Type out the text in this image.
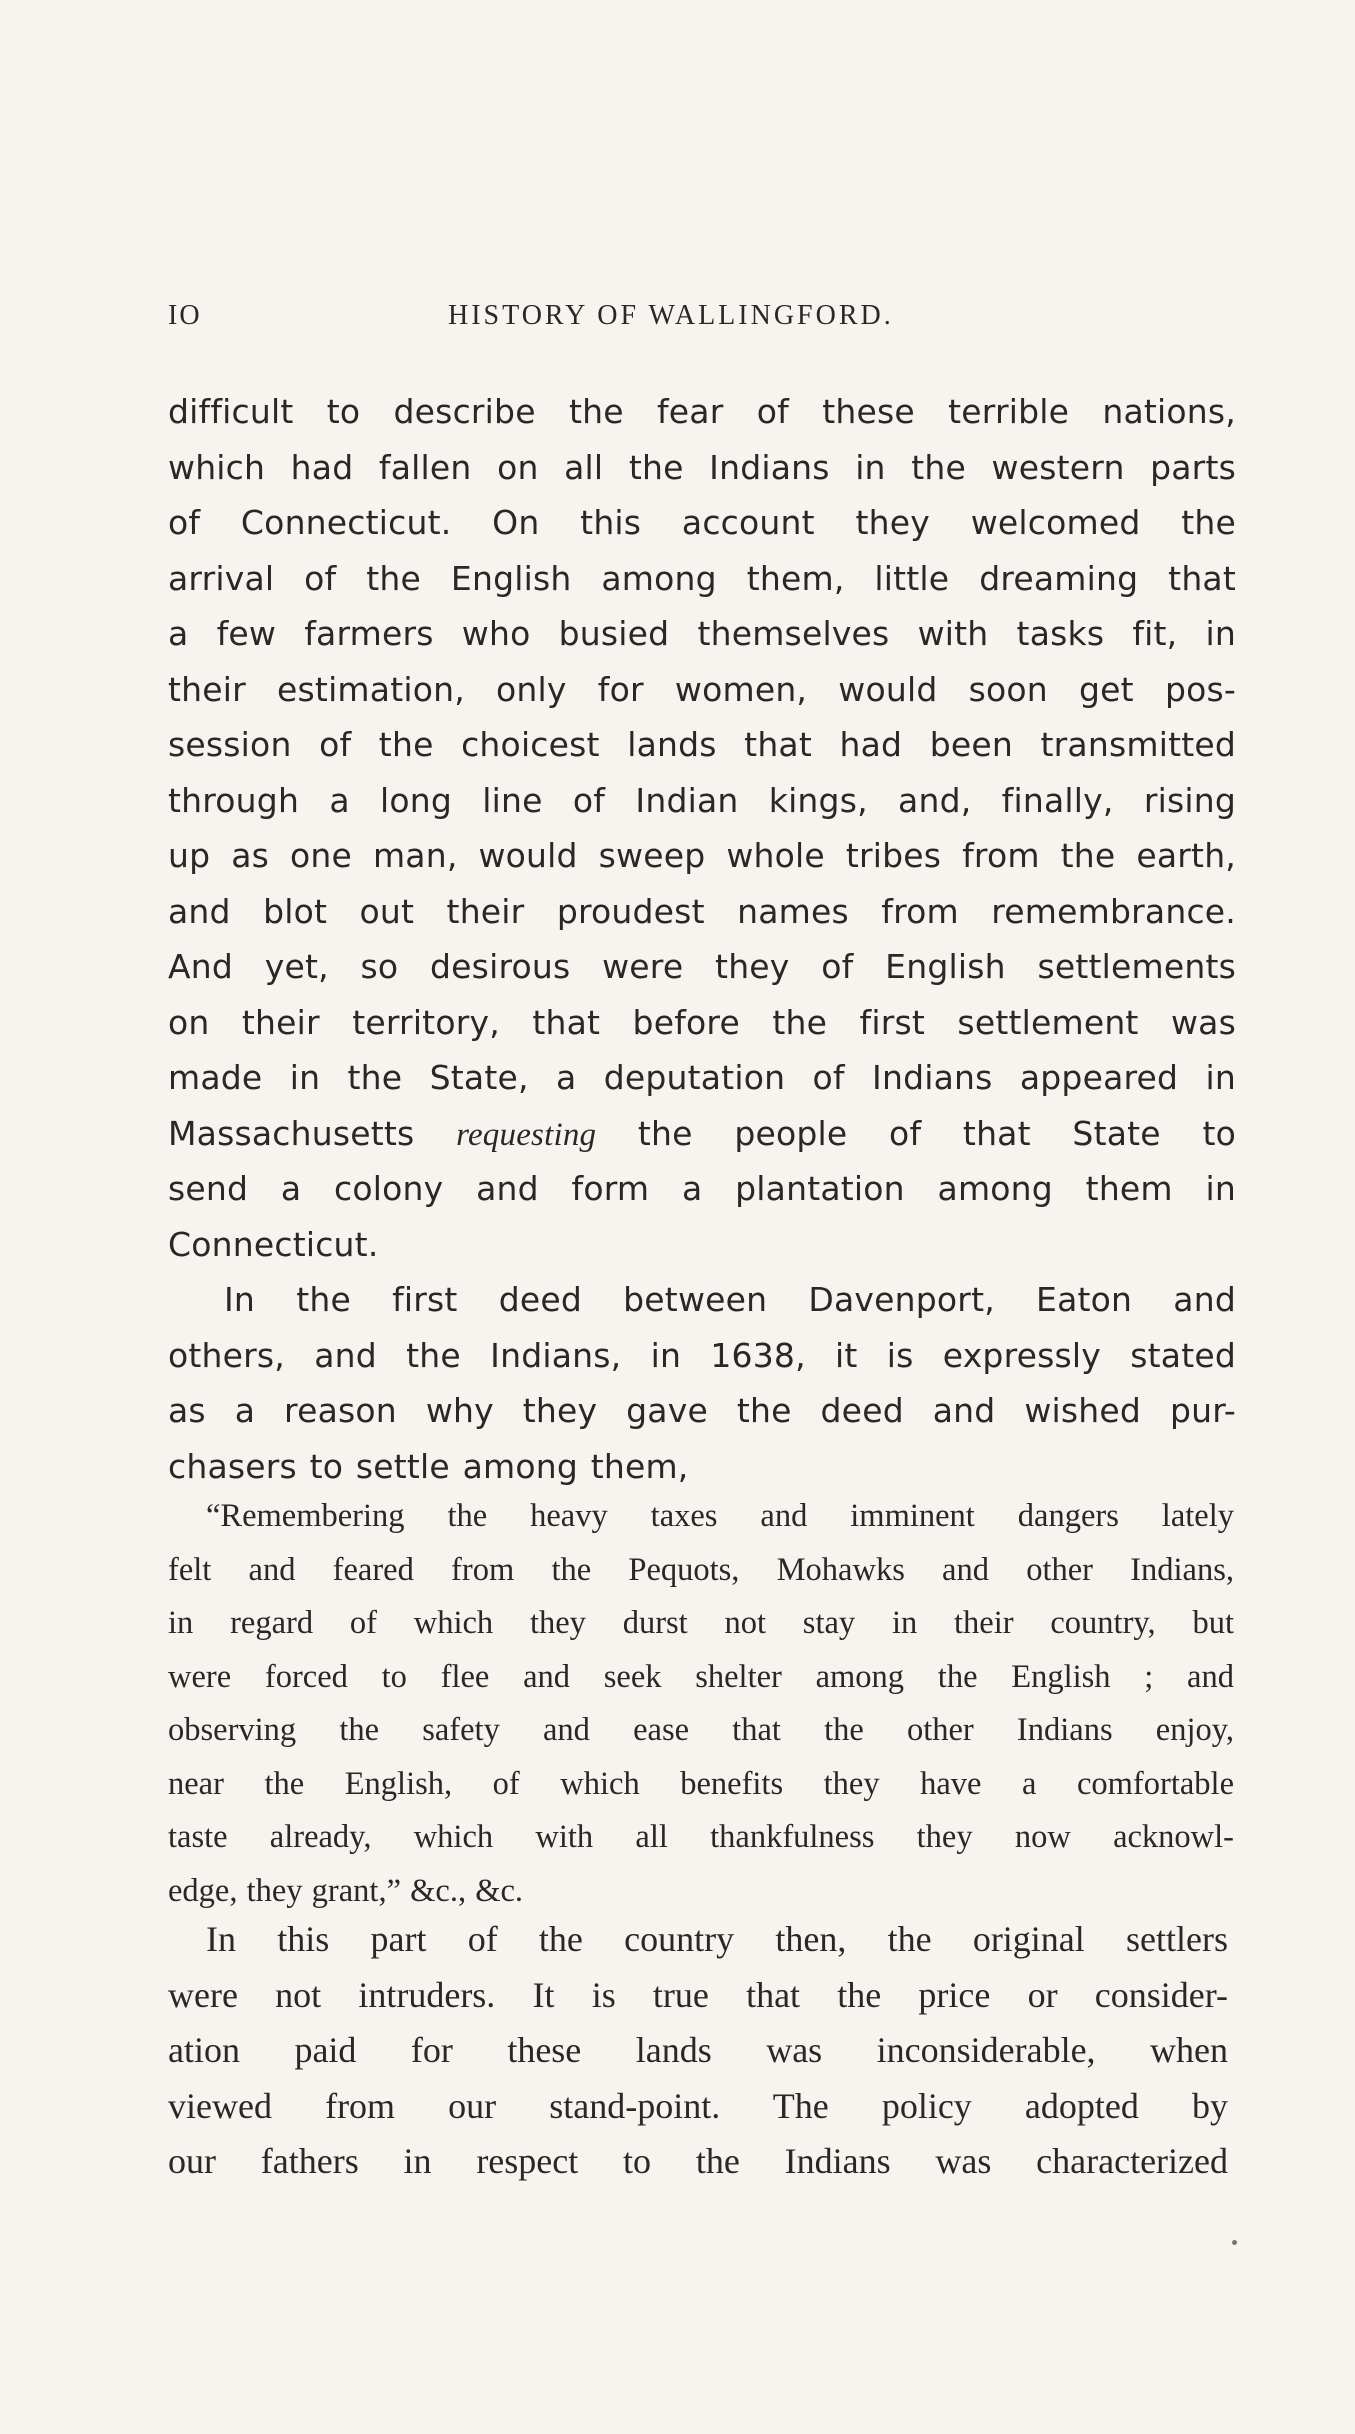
IO	HISTORY OF WALLINGFORD.
difficult to describe the fear of these terrible nations,
which had fallen on all the Indians in the western parts
of Connecticut. On this account they welcomed the
arrival of the English among them, little dreaming that
a few farmers who busied themselves with tasks fit, in
their estimation, only for women, would soon get pos-
session of the choicest lands that had been transmitted
through a long line of Indian kings, and, finally, rising
up as one man, would sweep whole tribes from the earth,
and blot out their proudest names from remembrance.
And yet, so desirous were they of English settlements
on their territory, that before the first settlement was
made in the State, a deputation of Indians appeared in
Massachusetts requesting the people of that State to
send a colony and form a plantation among them in
Connecticut.
In the first deed between Davenport, Eaton and
others, and the Indians, in 1638, it is expressly stated
as a reason why they gave the deed and wished pur-
chasers to settle among them,
“Remembering the heavy taxes and imminent dangers lately
felt and feared from the Pequots, Mohawks and other Indians,
in regard of which they durst not stay in their country, but
were forced to flee and seek shelter among the English ; and
observing the safety and ease that the other Indians enjoy,
near the English, of which benefits they have a comfortable
taste already, which with all thankfulness they now acknowl-
edge, they grant,” &c., &c.
In this part of the country then, the original settlers
were not intruders. It is true that the price or consider-
ation paid for these lands was inconsiderable, when
viewed from our stand-point. The policy adopted by
our fathers in respect to the Indians was characterized
